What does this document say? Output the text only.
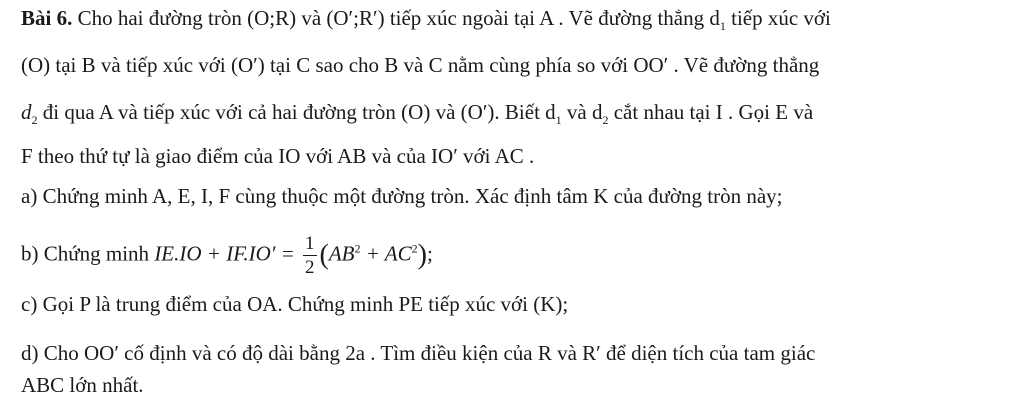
Bài 6. Cho hai đường tròn (O;R) và (O′;R′) tiếp xúc ngoài tại A . Vẽ đường thẳng $d_1$ tiếp xúc với
(O) tại B và tiếp xúc với (O′) tại C sao cho B và C nằm cùng phía so với OO′ . Vẽ đường thẳng
$d_2$ đi qua A và tiếp xúc với cả hai đường tròn (O) và (O′). Biết $d_1$ và $d_2$ cắt nhau tại I . Gọi E và
F theo thứ tự là giao điểm của IO với AB và của IO′ với AC .
a) Chứng minh A, E, I, F cùng thuộc một đường tròn. Xác định tâm K của đường tròn này;
b) Chứng minh $IE.IO + IF.IO' = \frac{1}{2} (AB^2 + AC^2)$;
c) Gọi P là trung điểm của OA. Chứng minh PE tiếp xúc với (K);
d) Cho OO′ cố định và có độ dài bằng 2a . Tìm điều kiện của R và R′ để diện tích của tam giác
ABC lớn nhất.
